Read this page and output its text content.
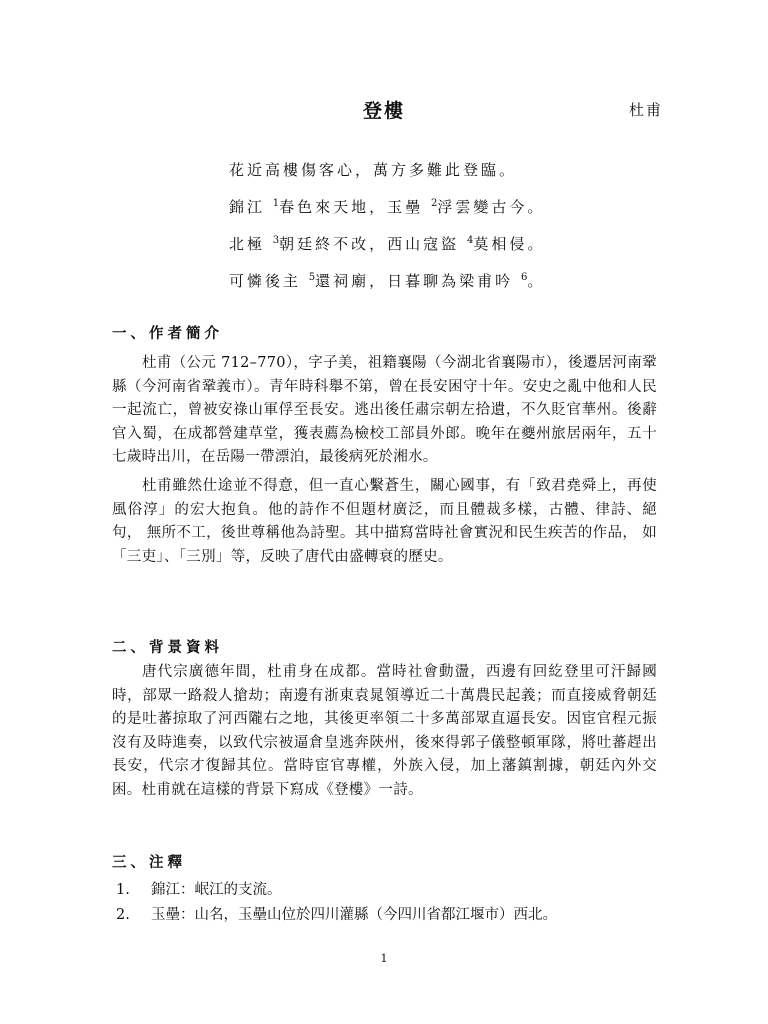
登樓	杜甫
花近高樓傷客心，萬方多難此登臨。
錦江 $^1$春色來天地，玉壘 $^2$浮雲變古今。
北極 $^3$朝廷終不改，西山寇盜 $^4$莫相侵。
可憐後主 $^5$還祠廟，日暮聊為梁甫吟 $^6$。
一、作者簡介

杜甫（公元 712–770），字子美，祖籍襄陽（今湖北省襄陽市），後遷居河南鞏縣（今河南省鞏義市）。青年時科舉不第，曾在長安困守十年。安史之亂中他和人民一起流亡，曾被安祿山軍俘至長安。逃出後任肅宗朝左拾遺，不久貶官華州。後辭官入蜀，在成都營建草堂，獲表薦為檢校工部員外郎。晚年在夔州旅居兩年，五十七歲時出川，在岳陽一帶漂泊，最後病死於湘水。

杜甫雖然仕途並不得意，但一直心繫蒼生，關心國事，有「致君堯舜上，再使風俗淳」的宏大抱負。他的詩作不但題材廣泛，而且體裁多樣，古體、律詩、絕句， 無所不工，後世尊稱他為詩聖。其中描寫當時社會實況和民生疾苦的作品， 如「三吏」、「三別」等，反映了唐代由盛轉衰的歷史。

二、背景資料

唐代宗廣德年間，杜甫身在成都。當時社會動盪，西邊有回紇登里可汗歸國時，部眾一路殺人搶劫；南邊有浙東袁晁領導近二十萬農民起義；而直接威脅朝廷的是吐蕃掠取了河西隴右之地，其後更率領二十多萬部眾直逼長安。因宦官程元振沒有及時進奏，以致代宗被逼倉皇逃奔陝州，後來得郭子儀整頓軍隊，將吐蕃趕出長安，代宗才復歸其位。當時宦官專權，外族入侵，加上藩鎮割據，朝廷內外交困。杜甫就在這樣的背景下寫成《登樓》一詩。

三、注釋
1.	錦江：岷江的支流。
2.	玉壘：山名，玉壘山位於四川灌縣（今四川省都江堰市）西北。
1
